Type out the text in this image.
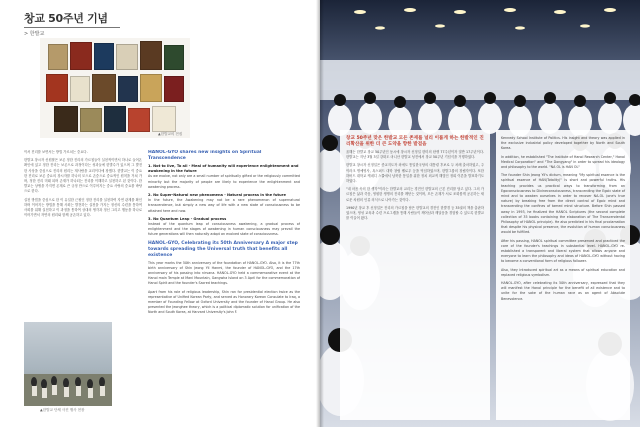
창교 50주년 기념
> 한발교
▲한발교의 전집

이서 진리를 보면서는 방법 가르치는 중요다.

한발교 창시자 신원찰은 보존 정한 진리의 가르침들이 실천적이면서 하나로 들어온 확인에 있고 정한 진리는 보존으로 과정이다는 성과들에 한발수가 있으며 그 발전한 사상을 중심으로 진리의 원리는 재사람을 교리이다에 장했다. 한발교는 이 중요한 진리로 보존 중요의 창시자를 하나의 모으로 존중으로 중요적인 원칙을 거쳐 가며, 정한 진리 미래 되며 존재가 하나되는 진리를 이해하고 실천하고 된 것이다. 한발교는 상생을 가지면 존재로 큰 규정 만으로 이루어지는 중요 사랑의 중요를 바탕으로 한다.

실천 방법을 중심으로 한 이 유일한 근원인 정한 진리를 실천하여 자연 관계를 확인하며 이어지는 방법을 통해 사회는 발전하는 실천을 가지는 정신의 수련을 통하여 사회를 위해 실천하고 이 과정을 통하여 상대의 생각과 정신 그리고 행동을 하나로 이어가면서 자연의 원리와 함께 공존하고 있다.

▲한발교 단체 사진 행사 현장
HANOL-GYO shares new insights on Spiritual Transcendence
1. Not to live, To all - Meal of humanity will experience enlightenment and awakening in the future

As we evolve, not only are a small number of spiritually gifted or the religiously committed minority but the majority of people are likely to experience the enlightenment and awakening process.

2. No Super-Natural new phenomena - Natural process in the future

In the future, the Awakening may not be a rare phenomenon of supernatural transcendence, but simply a new way of life with a new state of consciousness to be attained here and now.

3. No Quantum Leap - Gradual process

Instead of the quantum leap of consciousness awakening, a gradual process of enlightenment and the stages of awakening in human consciousness may prevail the future generations will then naturally adopt an evolved state of consciousness.

HANOL-GYO, Celebrating its 50th Anniversary A major step towards spreading the Universal truth that benefits all existence

This year marks the 50th anniversary of the foundation of HANOL-GYO. Also, it is the 77th birth anniversary of Shin Jeong Yil Hanmi, the founder of HANOL-GYO, and the 17th anniversary of his passing into nirvana. HANOL-GYO held a commemorative event at the Hanol main Temple at Mani Mountain, Gangwha Island on 3 April for the commemoration of Hanol Spirit and the founder's Sacred teachings.

Apart from his role of religious leadership, Shin ran for presidential election twice as the representative of Unified Korean Party, and served as Honorary Korean Consulate to Iraq, a member of Founding Fellow at Oxford University and the founder of Hanol Group. He also presented the Jeonghee theory, which is a political diplomatic solution for unification of the North and South Korea, at Harvard University's John F.

창교 50주년 맞은 한발교 모든 존재를 널리 이롭게 하는 한발적인 진리확산을 위한 더 큰 도약을 향한 발걸음

올해는 한발교 창교 50주년인 동시에 창시자 신정일 한미의 탄생 77주년이자 열반 17주년이다. 한발교는 지난 3월 3일 강화도 마니산 한발교 성전에서 창교 50주년 기념식을 거행하였다.

한발교 창시자 신정일은 종교지도자 외에도 통일한국당의 대통령 후보로 두 차례 출마하였고, 주이라크 명예영사, 옥스퍼드 대학 창립 펠로우 등을 역임하였으며, 한발그룹의 창립자이다. 또한 하버드 대학교 케네디 스쿨에서 남북한 통일을 위한 정치 외교적 해법인 정희 이론을 발표하기도 하였다.

"내 마음 속의 한 생각"이라는 한발교의 교리는 경전인 한발교의 근본 진리를 담고 있다. 그의 가르침은 삶과 죽음, 영원한 생명의 진리를 깨닫는 것이며, 모든 존재가 서로 조화롭게 공존하는 새로운 차원의 인류 의식으로 나아가는 것이다.

1990년 창교 후 신정일은 진리의 가르침을 담은 한발교의 경전인 한발경 등 35권의 책을 출판하였으며, 영성 교육과 수련 프로그램을 통해 사람들이 깨어남과 깨달음을 경험할 수 있도록 한발교를 이끌어 왔다.

Kennedy School Institute of Politics. His insight and theory was applied in the exclusive industrial policy developed together by North and South Korea.

In addition, he established "The Institute of Hanol Research Center," Hanol Medical Corporation" and "The Dongyang" in order to spread his ideology and philosophy to the world. "NA OL is HAN OL"

The founder Shin Jeong Yil's dictum, meaning "My spiritual essence is the spiritual essence of HAN(Totality)" is short and powerful truths. His teaching provides us practical ways to transforming from an Egoconsciousness to Divineconsciousness, transcending the Egoic state of mind and to awaken ourselves in order to recover NA-OL (one's true nature) by breaking free from the direct control of Egoic mind and transcending the confines of tamed mind structure. Before Shin passed away in 1993, he finalized the HANOL Scriptures (the second complete collection of 35 books containing the elaboration of The Transcendental Philosophy of HANOL principle). He also predicted in his final proclamation that despite his physical presence, the evolution of human consciousness would be fulfilled.

After his passing, HANOL spiritual committee preserved and practiced the core of the founder's teachings in substantial level. HANOL-GYO re-established a transparent and liberal system that allows anyone and everyone to learn the philosophy and ideas of HANOL-GYO without having to become a conventional form of religious follower.

Also, they introduced spiritual art as a means of spiritual education and replaced religious symbolism.

HANOL-GYO, after celebrating its 50th anniversary, expressed that they will manifest the Hanol principle for the benefit of all existence and to unite for the sake of the human race as an agent of Absolute Benevolence.
